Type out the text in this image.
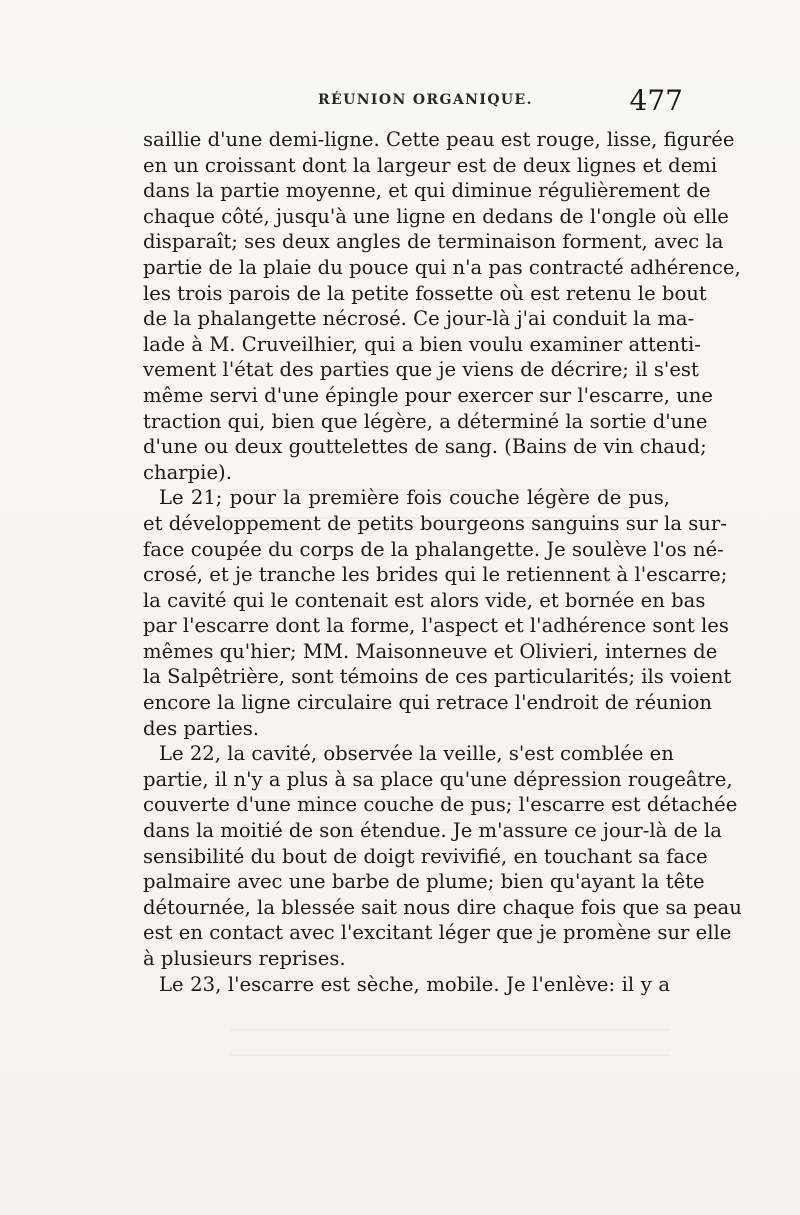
RÉUNION ORGANIQUE.	477
saillie d'une demi-ligne. Cette peau est rouge, lisse, figurée
en un croissant dont la largeur est de deux lignes et demi
dans la partie moyenne, et qui diminue régulièrement de
chaque côté, jusqu'à une ligne en dedans de l'ongle où elle
disparaît; ses deux angles de terminaison forment, avec la
partie de la plaie du pouce qui n'a pas contracté adhérence,
les trois parois de la petite fossette où est retenu le bout
de la phalangette nécrosé. Ce jour-là j'ai conduit la ma-
lade à M. Cruveilhier, qui a bien voulu examiner attenti-
vement l'état des parties que je viens de décrire; il s'est
même servi d'une épingle pour exercer sur l'escarre, une
traction qui, bien que légère, a déterminé la sortie d'une
d'une ou deux gouttelettes de sang. (Bains de vin chaud;
charpie).
Le 21; pour la première fois couche légère de pus,
et développement de petits bourgeons sanguins sur la sur-
face coupée du corps de la phalangette. Je soulève l'os né-
crosé, et je tranche les brides qui le retiennent à l'escarre;
la cavité qui le contenait est alors vide, et bornée en bas
par l'escarre dont la forme, l'aspect et l'adhérence sont les
mêmes qu'hier; MM. Maisonneuve et Olivieri, internes de
la Salpêtrière, sont témoins de ces particularités; ils voient
encore la ligne circulaire qui retrace l'endroit de réunion
des parties.
Le 22, la cavité, observée la veille, s'est comblée en
partie, il n'y a plus à sa place qu'une dépression rougeâtre,
couverte d'une mince couche de pus; l'escarre est détachée
dans la moitié de son étendue. Je m'assure ce jour-là de la
sensibilité du bout de doigt revivifié, en touchant sa face
palmaire avec une barbe de plume; bien qu'ayant la tête
détournée, la blessée sait nous dire chaque fois que sa peau
est en contact avec l'excitant léger que je promène sur elle
à plusieurs reprises.
Le 23, l'escarre est sèche, mobile. Je l'enlève: il y a
